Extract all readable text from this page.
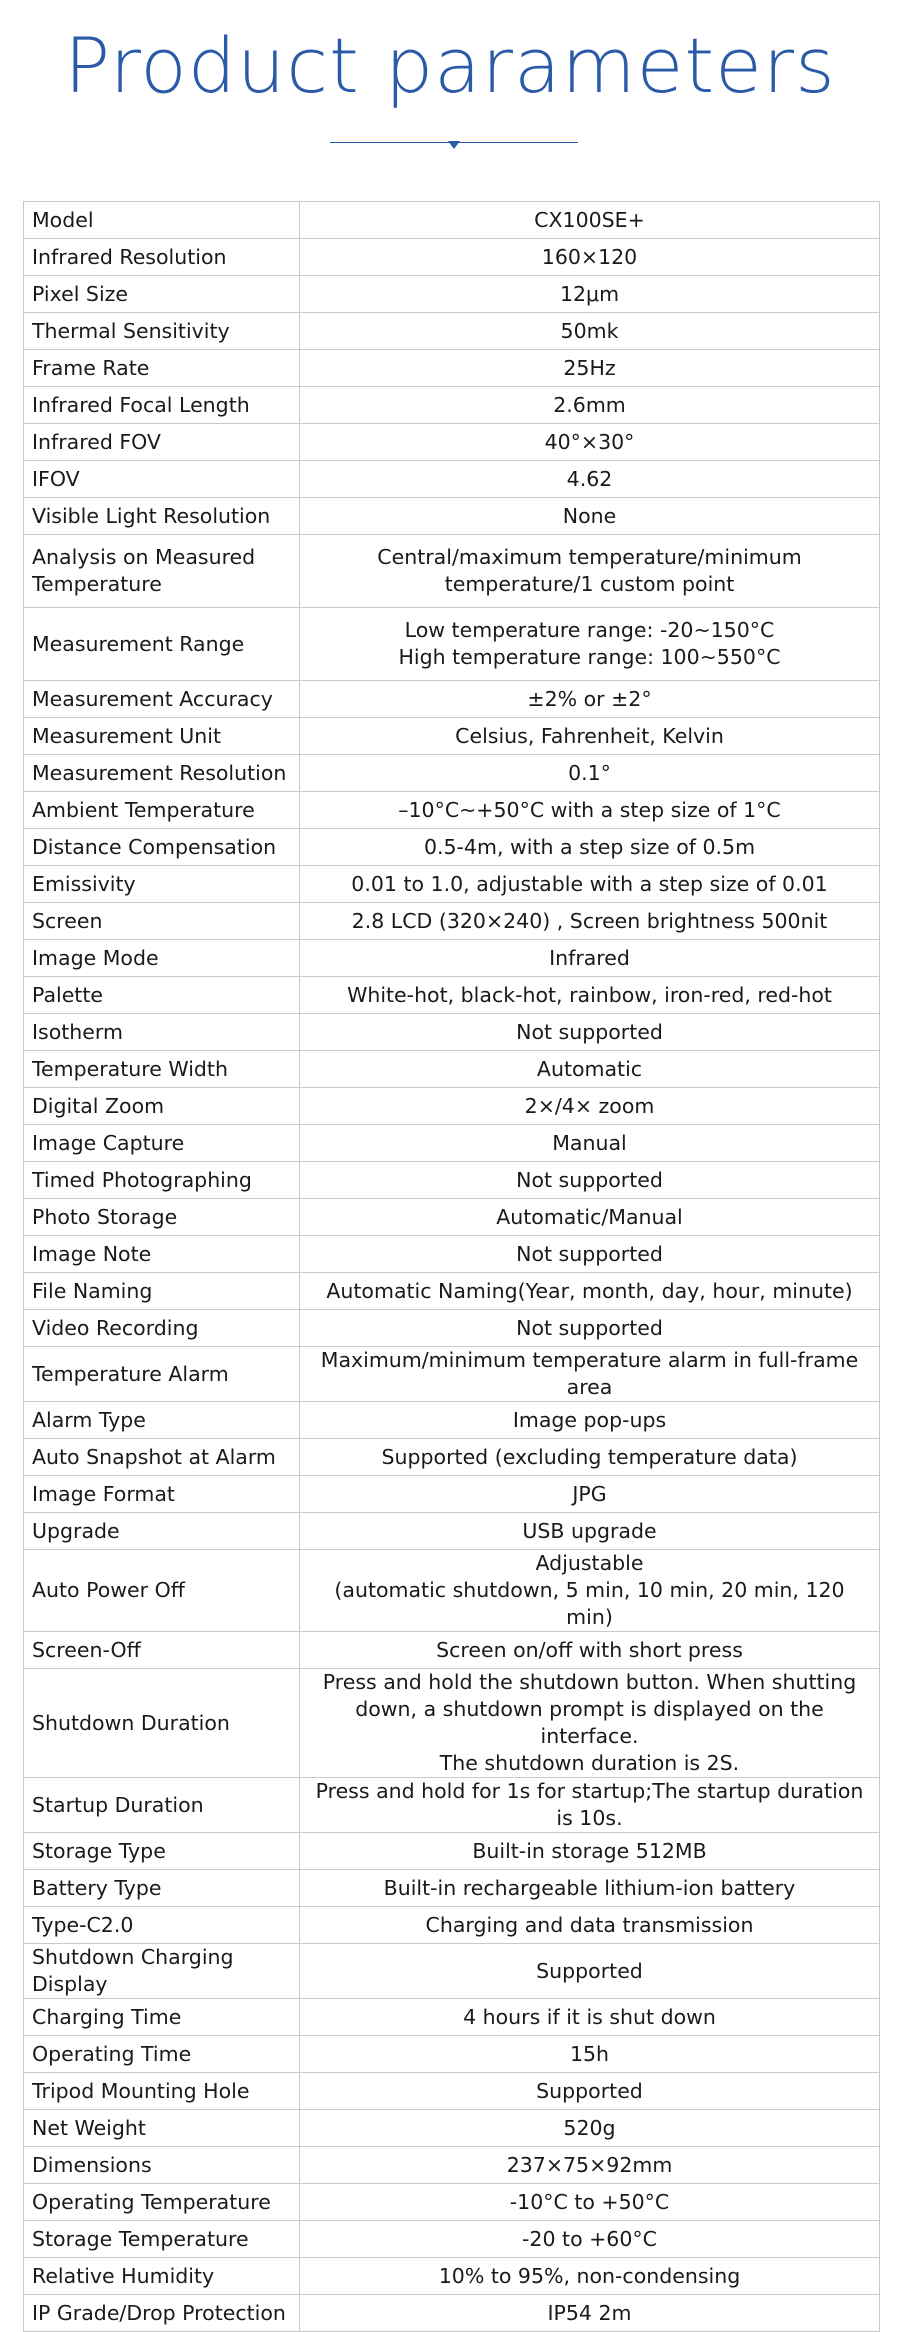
Product parameters
Model	CX100SE+
Infrared Resolution	160×120
Pixel Size	12μm
Thermal Sensitivity	50mk
Frame Rate	25Hz
Infrared Focal Length	2.6mm
Infrared FOV	40°×30°
IFOV	4.62
Visible Light Resolution	None
Analysis on Measured Temperature	Central/maximum temperature/minimum temperature/1 custom point
Measurement Range	Low temperature range: -20~150°C
High temperature range: 100~550°C
Measurement Accuracy	±2% or ±2°
Measurement Unit	Celsius, Fahrenheit, Kelvin
Measurement Resolution	0.1°
Ambient Temperature	–10°C~+50°C with a step size of 1°C
Distance Compensation	0.5-4m, with a step size of 0.5m
Emissivity	0.01 to 1.0, adjustable with a step size of 0.01
Screen	2.8 LCD (320×240) , Screen brightness 500nit
Image Mode	Infrared
Palette	White-hot, black-hot, rainbow, iron-red, red-hot
Isotherm	Not supported
Temperature Width	Automatic
Digital Zoom	2×/4× zoom
Image Capture	Manual
Timed Photographing	Not supported
Photo Storage	Automatic/Manual
Image Note	Not supported
File Naming	Automatic Naming(Year, month, day, hour, minute)
Video Recording	Not supported
Temperature Alarm	Maximum/minimum temperature alarm in full-frame area
Alarm Type	Image pop-ups
Auto Snapshot at Alarm	Supported (excluding temperature data)
Image Format	JPG
Upgrade	USB upgrade
Auto Power Off	Adjustable
(automatic shutdown, 5 min, 10 min, 20 min, 120 min)
Screen-Off	Screen on/off with short press
Shutdown Duration	Press and hold the shutdown button. When shutting down, a shutdown prompt is displayed on the interface.
The shutdown duration is 2S.
Startup Duration	Press and hold for 1s for startup;The startup duration is 10s.
Storage Type	Built-in storage 512MB
Battery Type	Built-in rechargeable lithium-ion battery
Type-C2.0	Charging and data transmission
Shutdown Charging Display	Supported
Charging Time	4 hours if it is shut down
Operating Time	15h
Tripod Mounting Hole	Supported
Net Weight	520g
Dimensions	237×75×92mm
Operating Temperature	-10°C to +50°C
Storage Temperature	-20 to +60°C
Relative Humidity	10% to 95%, non-condensing
IP Grade/Drop Protection	IP54 2m
